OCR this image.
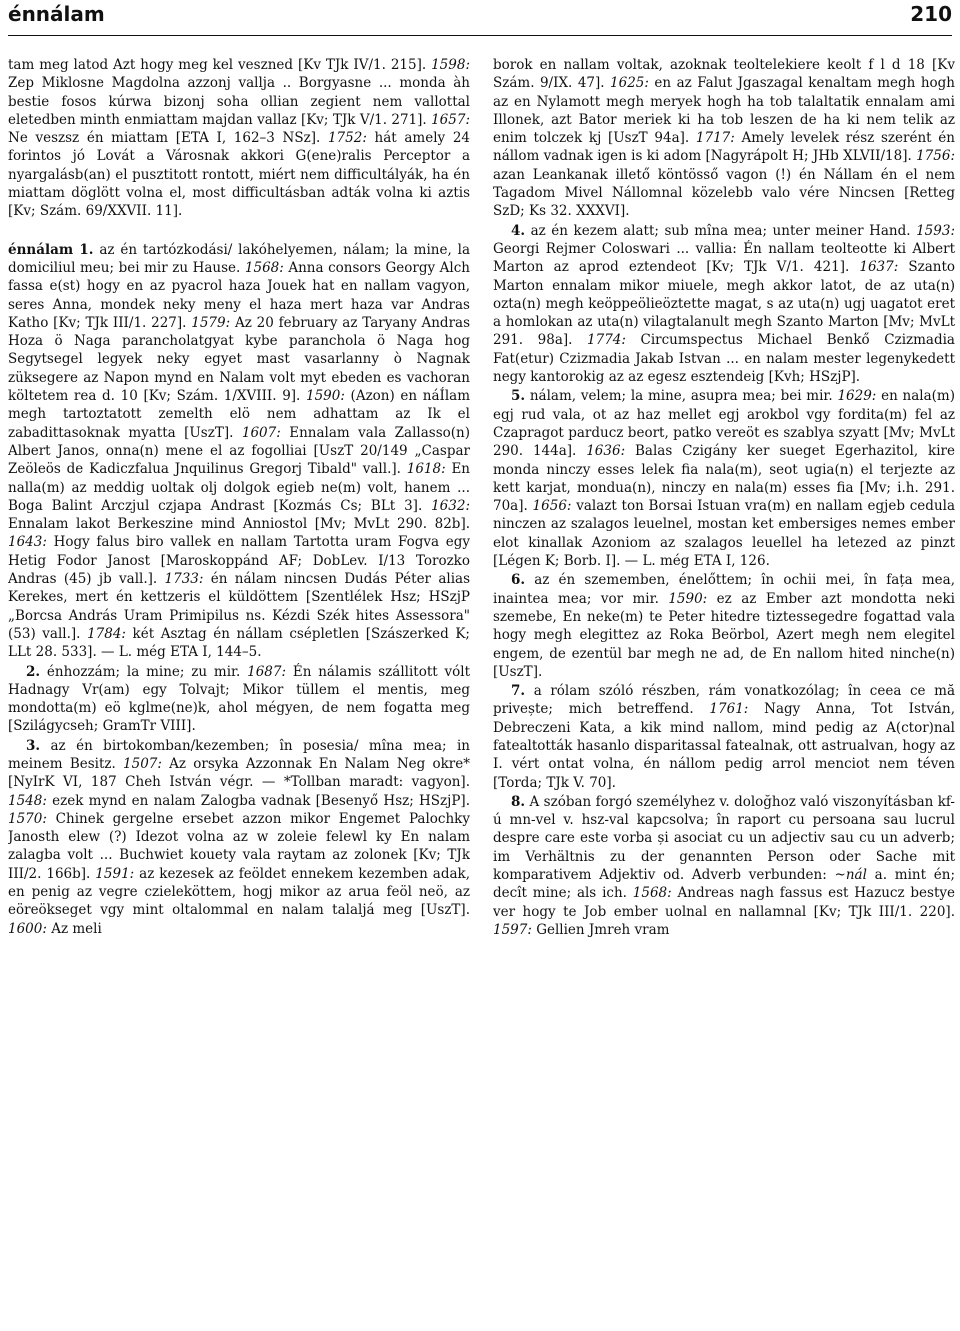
énnálam	210

tam meg latod Azt hogy meg kel veszned [Kv TJk IV/1. 215]. 1598: Zep Miklosne Magdolna azzonj vallja .. Borgyasne ... monda àh bestie fosos kúrwa bizonj soha ollian zegient nem vallottal eletedben minth enmiattam majdan vallaz [Kv; TJk V/1. 271]. 1657: Ne veszsz én miattam [ETA I, 162–3 NSz]. 1752: hát amely 24 forintos jó Lovát a Városnak akkori G(ene)ralis Perceptor a nyargalásb(an) el pusztitott rontott, miért nem difficultályák, ha én miattam döglött volna el, most difficultásban adták volna ki aztis [Kv; Szám. 69/XXVII. 11].

énnálam 1. az én tartózkodási/ lakóhelyemen, nálam; la mine, la domiciliul meu; bei mir zu Hause. 1568: Anna consors Georgy Alch fassa e(st) hogy en az pyacrol haza Jouek hat en nallam vagyon, seres Anna, mondek neky meny el haza mert haza var Andras Katho [Kv; TJk III/1. 227]. 1579: Az 20 february az Taryany Andras Hoza ö Naga parancholatgyat kybe paranchola ö Naga hog Segytsegel legyek neky egyet mast vasarlanny ò Nagnak züksegere az Napon mynd en Nalam volt myt ebeden es vachoran költetem rea d. 10 [Kv; Szám. 1/XVIII. 9]. 1590: (Azon) en náÍlam megh tartoztatott zemelth elö nem adhattam az Ik el zabadittasoknak myatta [UszT]. 1607: Ennalam vala Zallasso(n) Albert Janos, onna(n) mene el az fogolliai [UszT 20/149 „Caspar Zeöleös de Kadiczfalua Jnquilinus Gregorj Tibald" vall.]. 1618: En nalla(m) az meddig uoltak olj dolgok egieb ne(m) volt, hanem ... Boga Balint Arczjul czjapa Andrast [Kozmás Cs; BLt 3]. 1632: Ennalam lakot Berkeszine mind Anniostol [Mv; MvLt 290. 82b]. 1643: Hogy falus biro vallek en nallam Tartotta uram Fogva egy Hetig Fodor Janost [Maroskoppánd AF; DobLev. I/13 Torozko Andras (45) jb vall.]. 1733: én nálam nincsen Dudás Péter alias Kerekes, mert én kettzeris el küldöttem [Szentlélek Hsz; HSzjP „Borcsa András Uram Primipilus ns. Kézdi Szék hites Assessora" (53) vall.]. 1784: két Asztag én nállam csépletlen [Szászerked K; LLt 28. 533]. — L. még ETA I, 144–5.

2. énhozzám; la mine; zu mir. 1687: Én nálamis szállitott vólt Hadnagy Vr(am) egy Tolvajt; Mikor tüllem el mentis, meg mondotta(m) eö kglme(ne)k, ahol mégyen, de nem fogatta meg [Szilágycseh; GramTr VIII].

3. az én birtokomban/kezemben; în posesia/ mîna mea; in meinem Besitz. 1507: Az orsyka Azzonnak En Nalam Neg okre* [NyIrK VI, 187 Cheh István végr. — *Tollban maradt: vagyon]. 1548: ezek mynd en nalam Zalogba vadnak [Besenyő Hsz; HSzjP]. 1570: Chinek gergelne ersebet azzon mikor Engemet Palochky Janosth elew (?) Idezot volna az w zoleie felewl ky En nalam zalagba volt ... Buchwiet kouety vala raytam az zolonek [Kv; TJk III/2. 166b]. 1591: az kezesek az feöldet ennekem kezemben adak, en penig az vegre czieleköttem, hogj mikor az arua feöl neö, az eöreökseget vgy mint oltalommal en nalam talaljá meg [UszT]. 1600: Az meli

borok en nallam voltak, azoknak teoltelekiere keolt f l d 18 [Kv Szám. 9/IX. 47]. 1625: en az Falut Jgaszagal kenaltam megh hogh az en Nylamott megh meryek hogh ha tob talaltatik ennalam ami Illonek, azt Bator meriek ki ha tob leszen de ha ki nem telik az enim tolczek kj [UszT 94a]. 1717: Amely levelek rész szerént én nállom vadnak igen is ki adom [Nagyrápolt H; JHb XLVII/18]. 1756: azan Leankanak illető köntösső vagon (!) én Nállam én el nem Tagadom Mivel Nállomnal közelebb valo vére Nincsen [Retteg SzD; Ks 32. XXXVI].

4. az én kezem alatt; sub mîna mea; unter meiner Hand. 1593: Georgi Rejmer Coloswari ... vallia: Én nallam teolteotte ki Albert Marton az aprod eztendeot [Kv; TJk V/1. 421]. 1637: Szanto Marton ennalam mikor miuele, megh akkor latot, de az uta(n) ozta(n) megh keöppeölieöztette magat, s az uta(n) ugj uagatot eret a homlokan az uta(n) vilagtalanult megh Szanto Marton [Mv; MvLt 291. 98a]. 1774: Circumspectus Michael Benkő Czizmadia Fat(etur) Czizmadia Jakab Istvan ... en nalam mester legenykedett negy kantorokig az az egesz esztendeig [Kvh; HSzjP].

5. nálam, velem; la mine, asupra mea; bei mir. 1629: en nala(m) egj rud vala, ot az haz mellet egj arokbol vgy fordita(m) fel az Czapragot parducz beort, patko vereöt es szablya szyatt [Mv; MvLt 290. 144a]. 1636: Balas Czigány ker sueget Egerhazitol, kire monda ninczy esses lelek fia nala(m), seot ugia(n) el terjezte az kett karjat, mondua(n), ninczy en nala(m) esses fia [Mv; i.h. 291. 70a]. 1656: valazt ton Borsai Istuan vra(m) en nallam egjeb cedula ninczen az szalagos leuelnel, mostan ket embersiges nemes ember elot kinallak Azoniom az szalagos leuellel ha letezed az pinzt [Légen K; Borb. I]. — L. még ETA I, 126.

6. az én szememben, énelőttem; în ochii mei, în fața mea, inaintea mea; vor mir. 1590: ez az Ember azt mondotta neki szemebe, En neke(m) te Peter hitedre tiztessegedre fogattad vala hogy megh elegittez az Roka Beörbol, Azert megh nem elegitel engem, de ezentül bar megh ne ad, de En nallom hited ninche(n) [UszT].

7. a rólam szóló részben, rám vonatkozólag; în ceea ce mă privește; mich betreffend. 1761: Nagy Anna, Tot István, Debreczeni Kata, a kik mind nallom, mind pedig az A(ctor)nal fatealtották hasanlo disparitassal fatealnak, ott astrualvan, hogy az I. vért ontat volna, én nállom pedig arrol menciot nem téven [Torda; TJk V. 70].

8. A szóban forgó személyhez v. doloğhoz való viszonyításban kf-ú mn-vel v. hsz-val kapcsolva; în raport cu persoana sau lucrul despre care este vorba și asociat cu un adjectiv sau cu un adverb; im Verhältnis zu der genannten Person oder Sache mit komparativem Adjektiv od. Adverb verbunden: ~nál a. mint én; decît mine; als ich. 1568: Andreas nagh fassus est Hazucz bestye ver hogy te Job ember uolnal en nallamnal [Kv; TJk III/1. 220]. 1597: Gellien Jmreh vram
